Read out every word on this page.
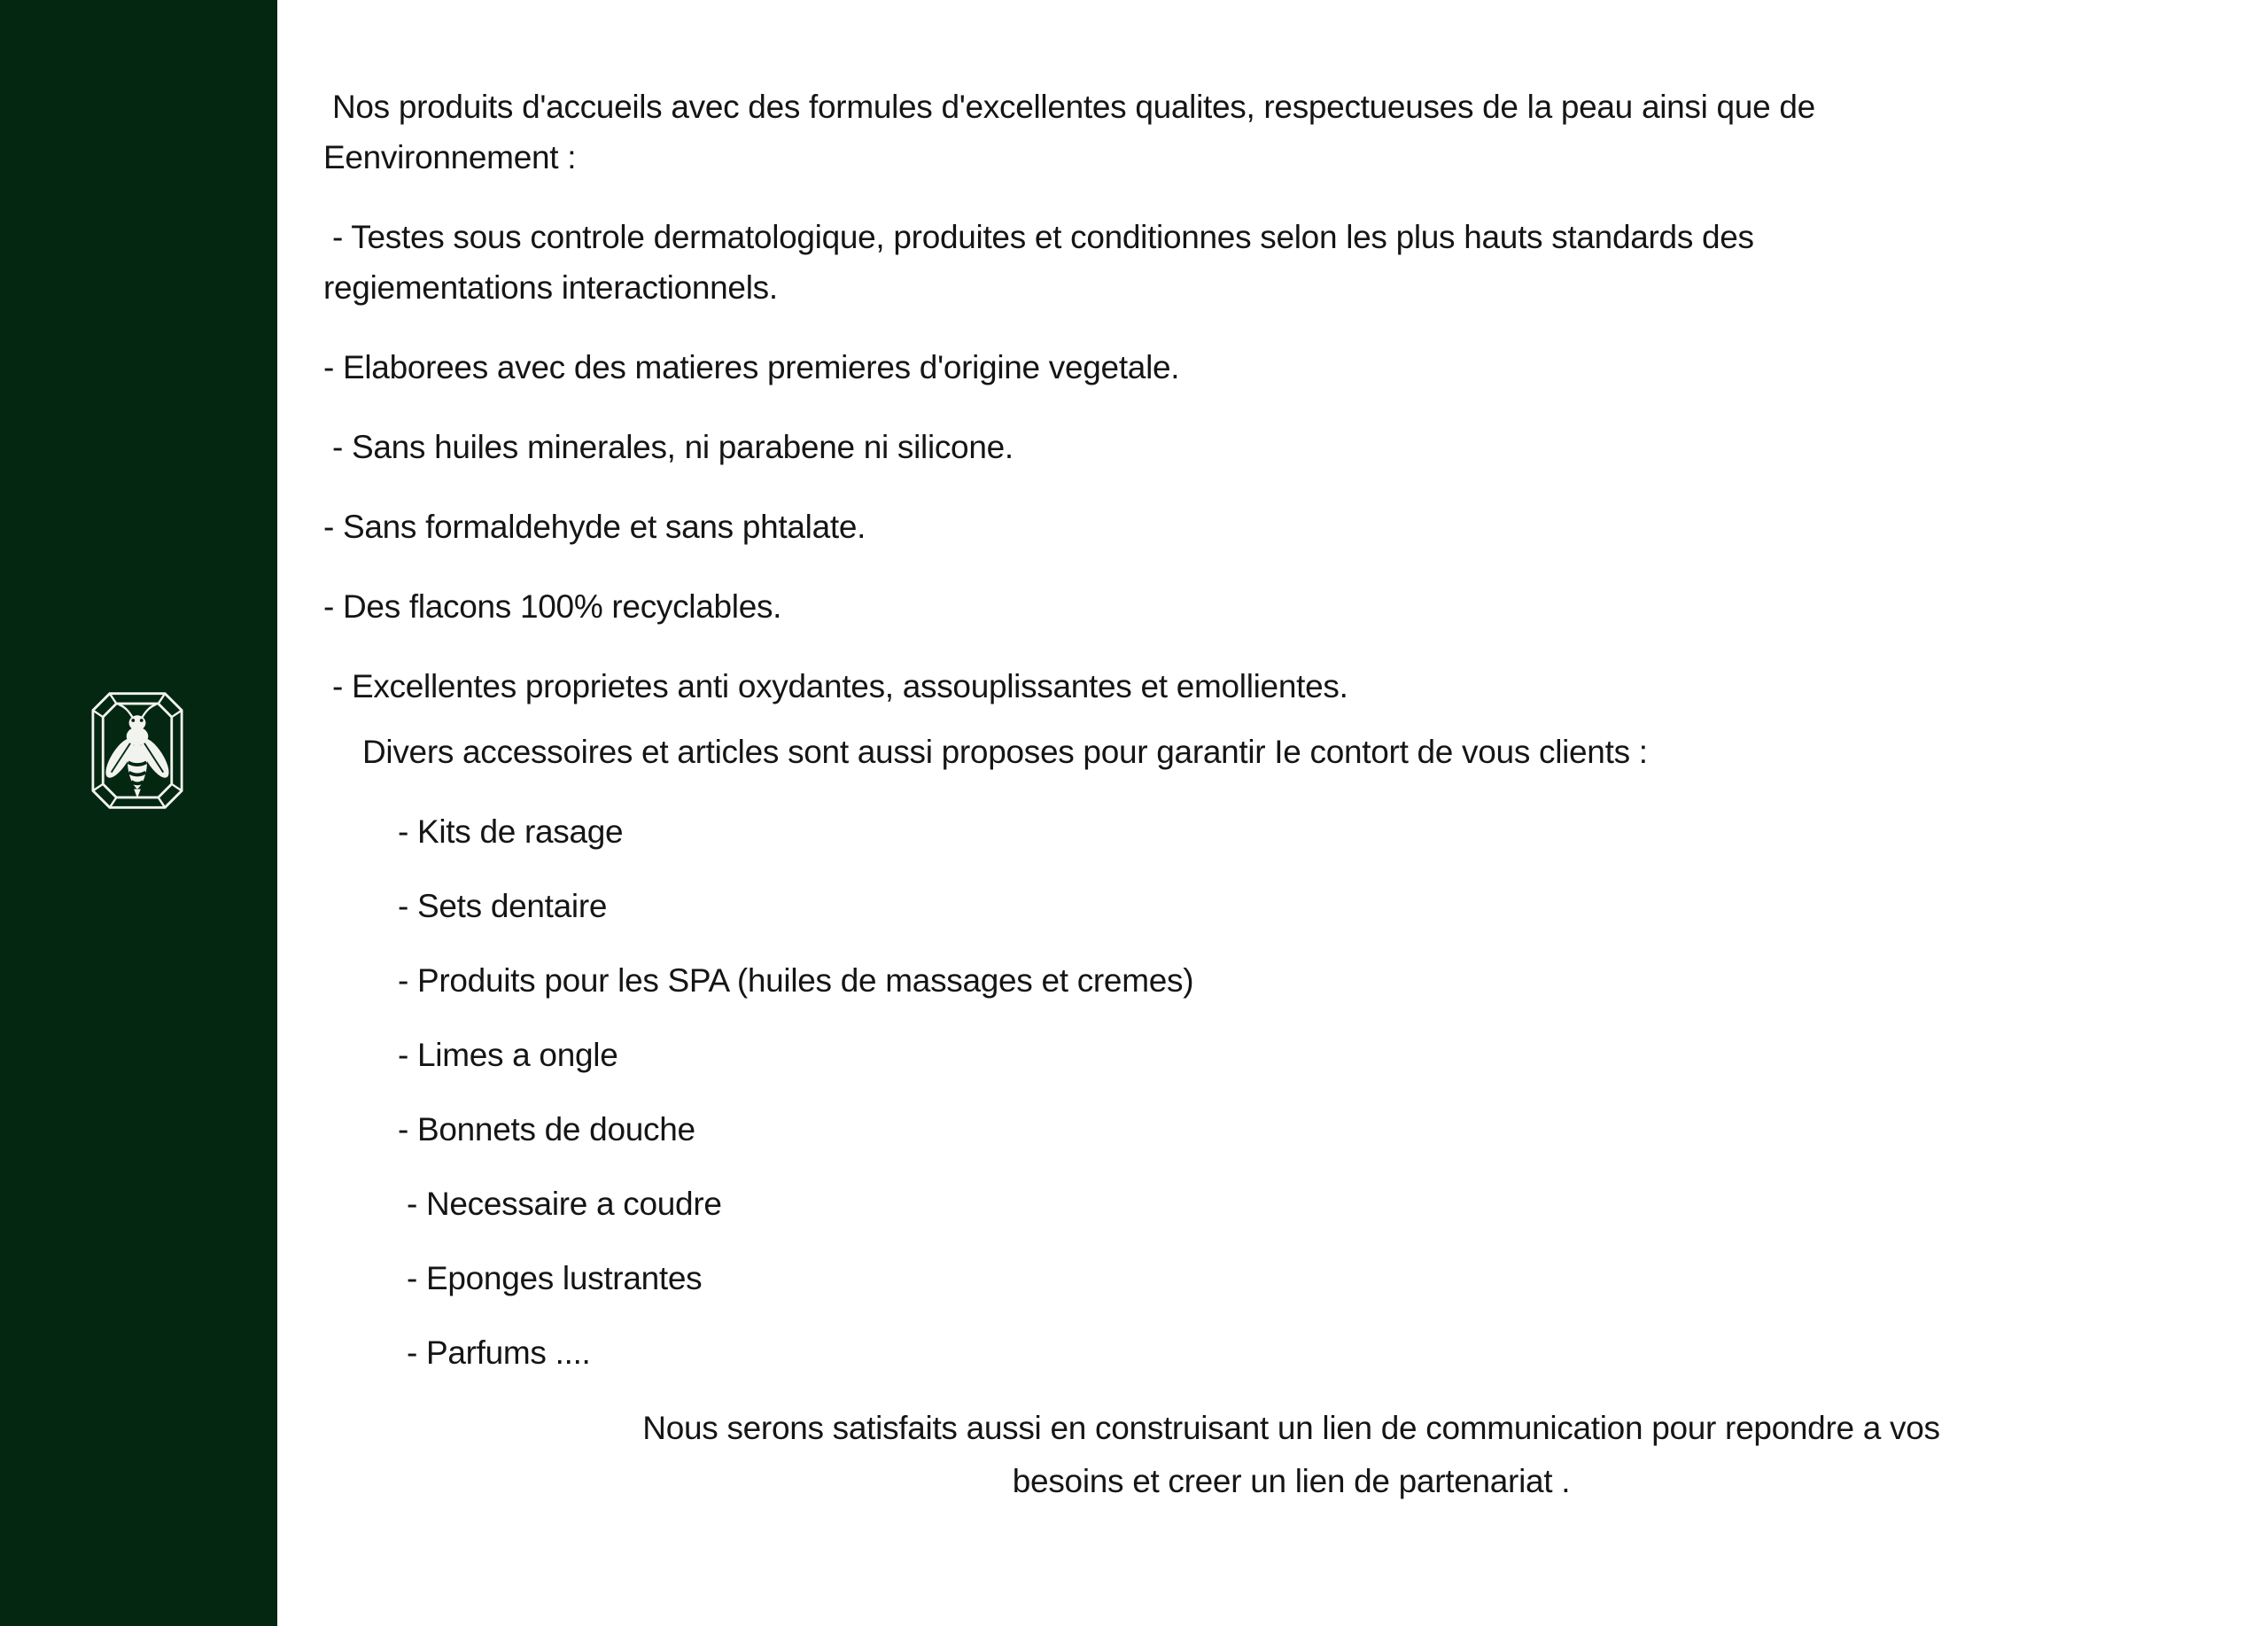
Nos produits d'accueils avec des formules d'excellentes qualites, respectueuses de la peau ainsi que de
Eenvironnement :
- Testes sous controle dermatologique, produites et conditionnes selon les plus hauts standards des
regiementations interactionnels.
- Elaborees avec des matieres premieres d'origine vegetale.
- Sans huiles minerales, ni parabene ni silicone.
- Sans formaldehyde et sans phtalate.
- Des flacons 100% recyclables.
- Excellentes proprietes anti oxydantes, assouplissantes et emollientes.
Divers accessoires et articles sont aussi proposes pour garantir Ie contort de vous clients :
- Kits de rasage
- Sets dentaire
- Produits pour les SPA (huiles de massages et cremes)
- Limes a ongle
- Bonnets de douche
- Necessaire a coudre
- Eponges lustrantes
- Parfums ....
Nous serons satisfaits aussi en construisant un lien de communication pour repondre a vos
besoins et creer un lien de partenariat .
